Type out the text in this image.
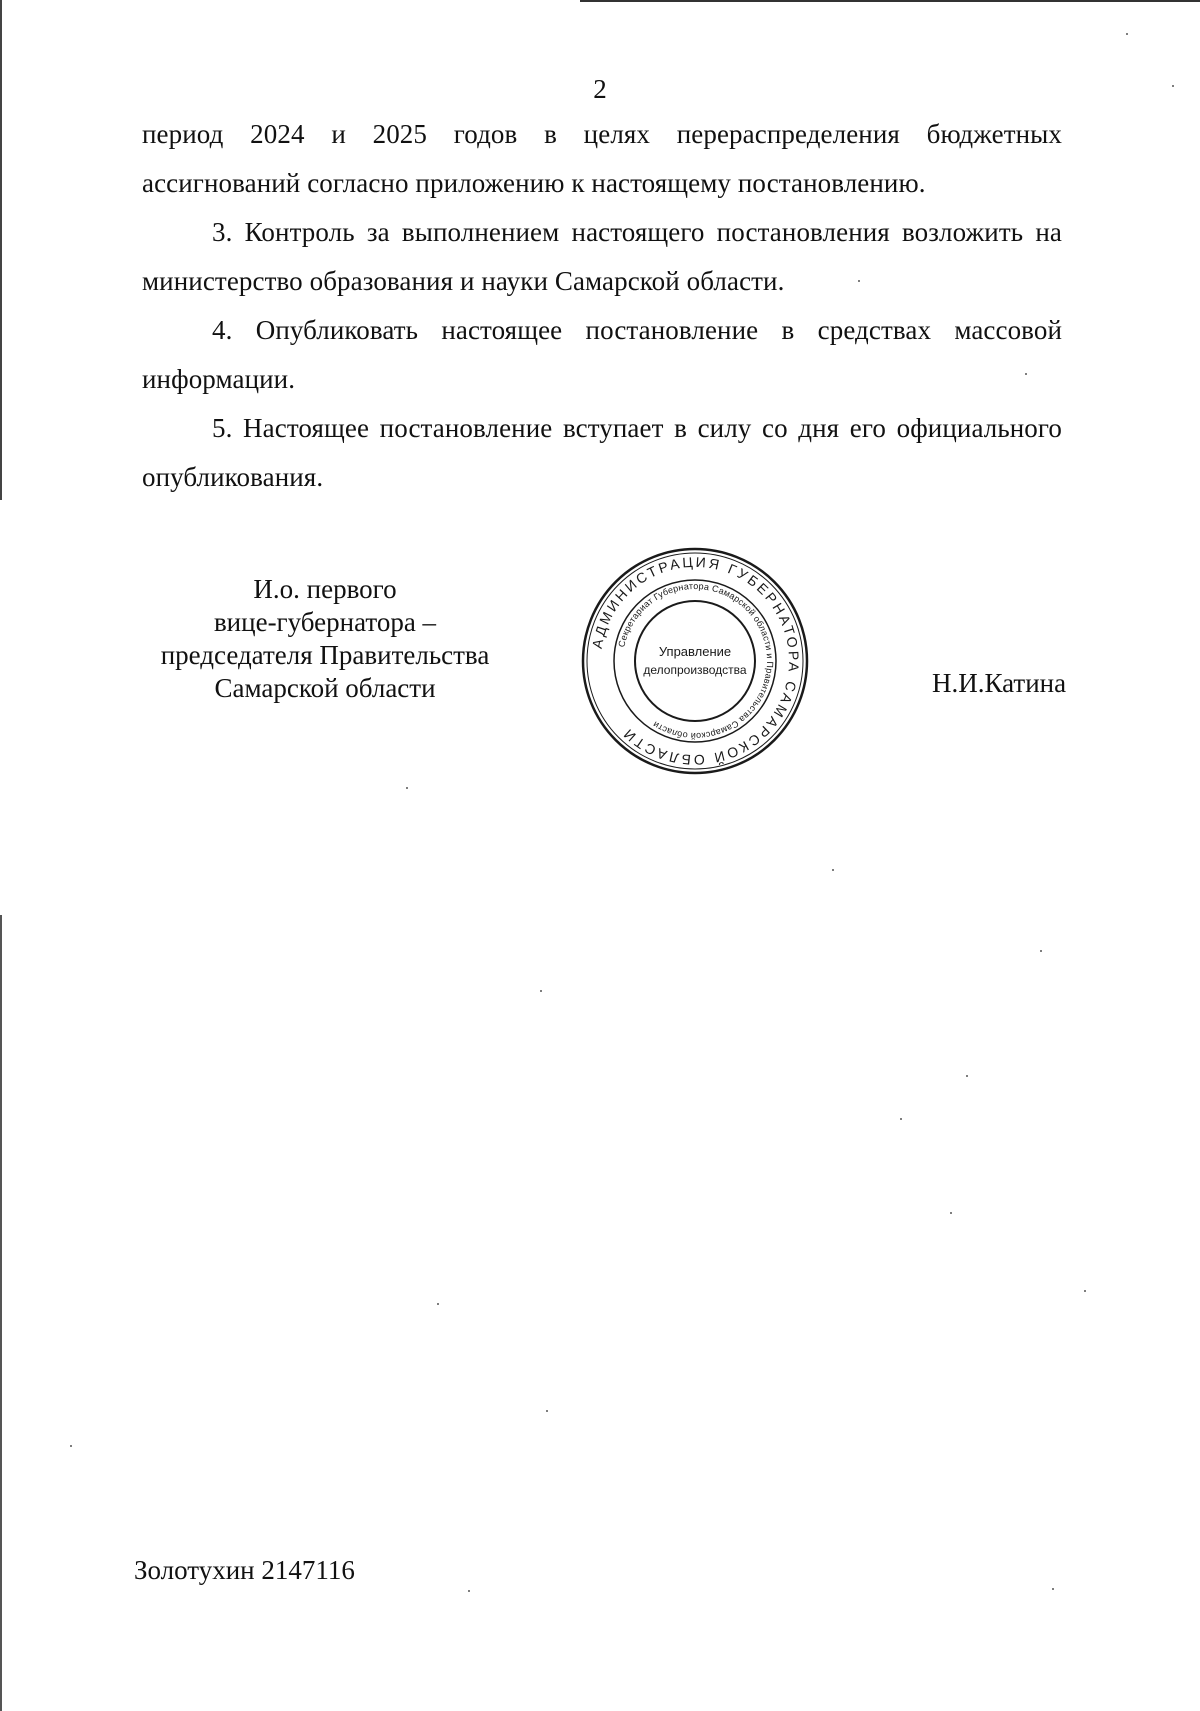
2

период 2024 и 2025 годов в целях перераспределения бюджетных ассигнований согласно приложению к настоящему постановлению.

3. Контроль за выполнением настоящего постановления возложить на министерство образования и науки Самарской области.

4. Опубликовать настоящее постановление в средствах массовой информации.

5. Настоящее постановление вступает в силу со дня его официального опубликования.

И.о. первого
вице-губернатора –
председателя Правительства
Самарской области
АДМИНИСТРАЦИЯ ГУБЕРНАТОРА САМАРСКОЙ ОБЛАСТИ
Секретариат Губернатора Самарской области и Правительства Самарской области
Управление
делопроизводства	Н.И.Катина
Золотухин 2147116
